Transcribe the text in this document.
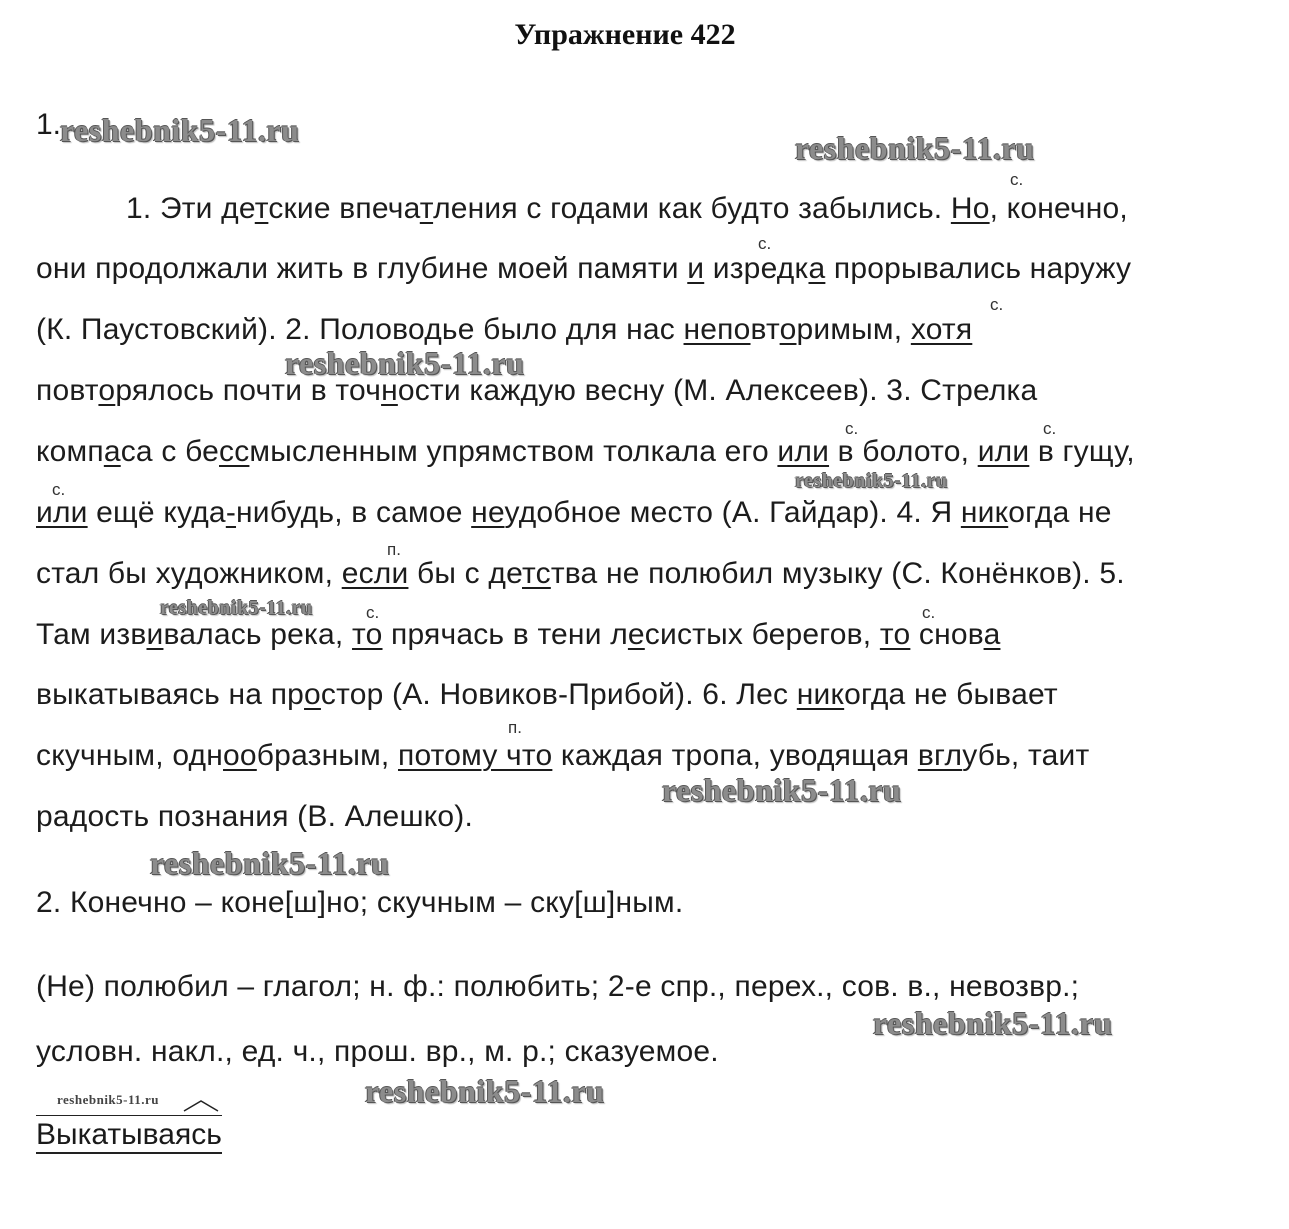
Упражнение 422
1.
reshebnik5-11.ru	reshebnik5-11.ru
reshebnik5-11.ru
reshebnik5-11.ru
reshebnik5-11.ru
reshebnik5-11.ru
reshebnik5-11.ru
reshebnik5-11.ru
reshebnik5-11.ru
reshebnik5-11.ru
с.
с.
с.
с.	с.
с.
п.
с.	с.
п.
1. Эти детские впечатления с годами как будто забылись. Но, конечно,
они продолжали жить в глубине моей памяти и изредка прорывались наружу
(К. Паустовский). 2. Половодье было для нас неповторимым, хотя
повторялось почти в точности каждую весну (М. Алексеев). 3. Стрелка
компаса с бессмысленным упрямством толкала его или в болото, или в гущу,
или ещё куда-нибудь, в самое неудобное место (А. Гайдар). 4. Я никогда не
стал бы художником, если бы с детства не полюбил музыку (С. Конёнков). 5.
Там извивалась река, то прячась в тени лесистых берегов, то снова
выкатываясь на простор (А. Новиков-Прибой). 6. Лес никогда не бывает
скучным, однообразным, потому что каждая тропа, уводящая вглубь, таит
радость познания (В. Алешко).
2. Конечно – коне[ш]но; скучным – ску[ш]ным.
(Не) полюбил – глагол; н. ф.: полюбить; 2-е спр., перех., сов. в., невозвр.;
условн. накл., ед. ч., прош. вр., м. р.; сказуемое.
Выкатываясь
